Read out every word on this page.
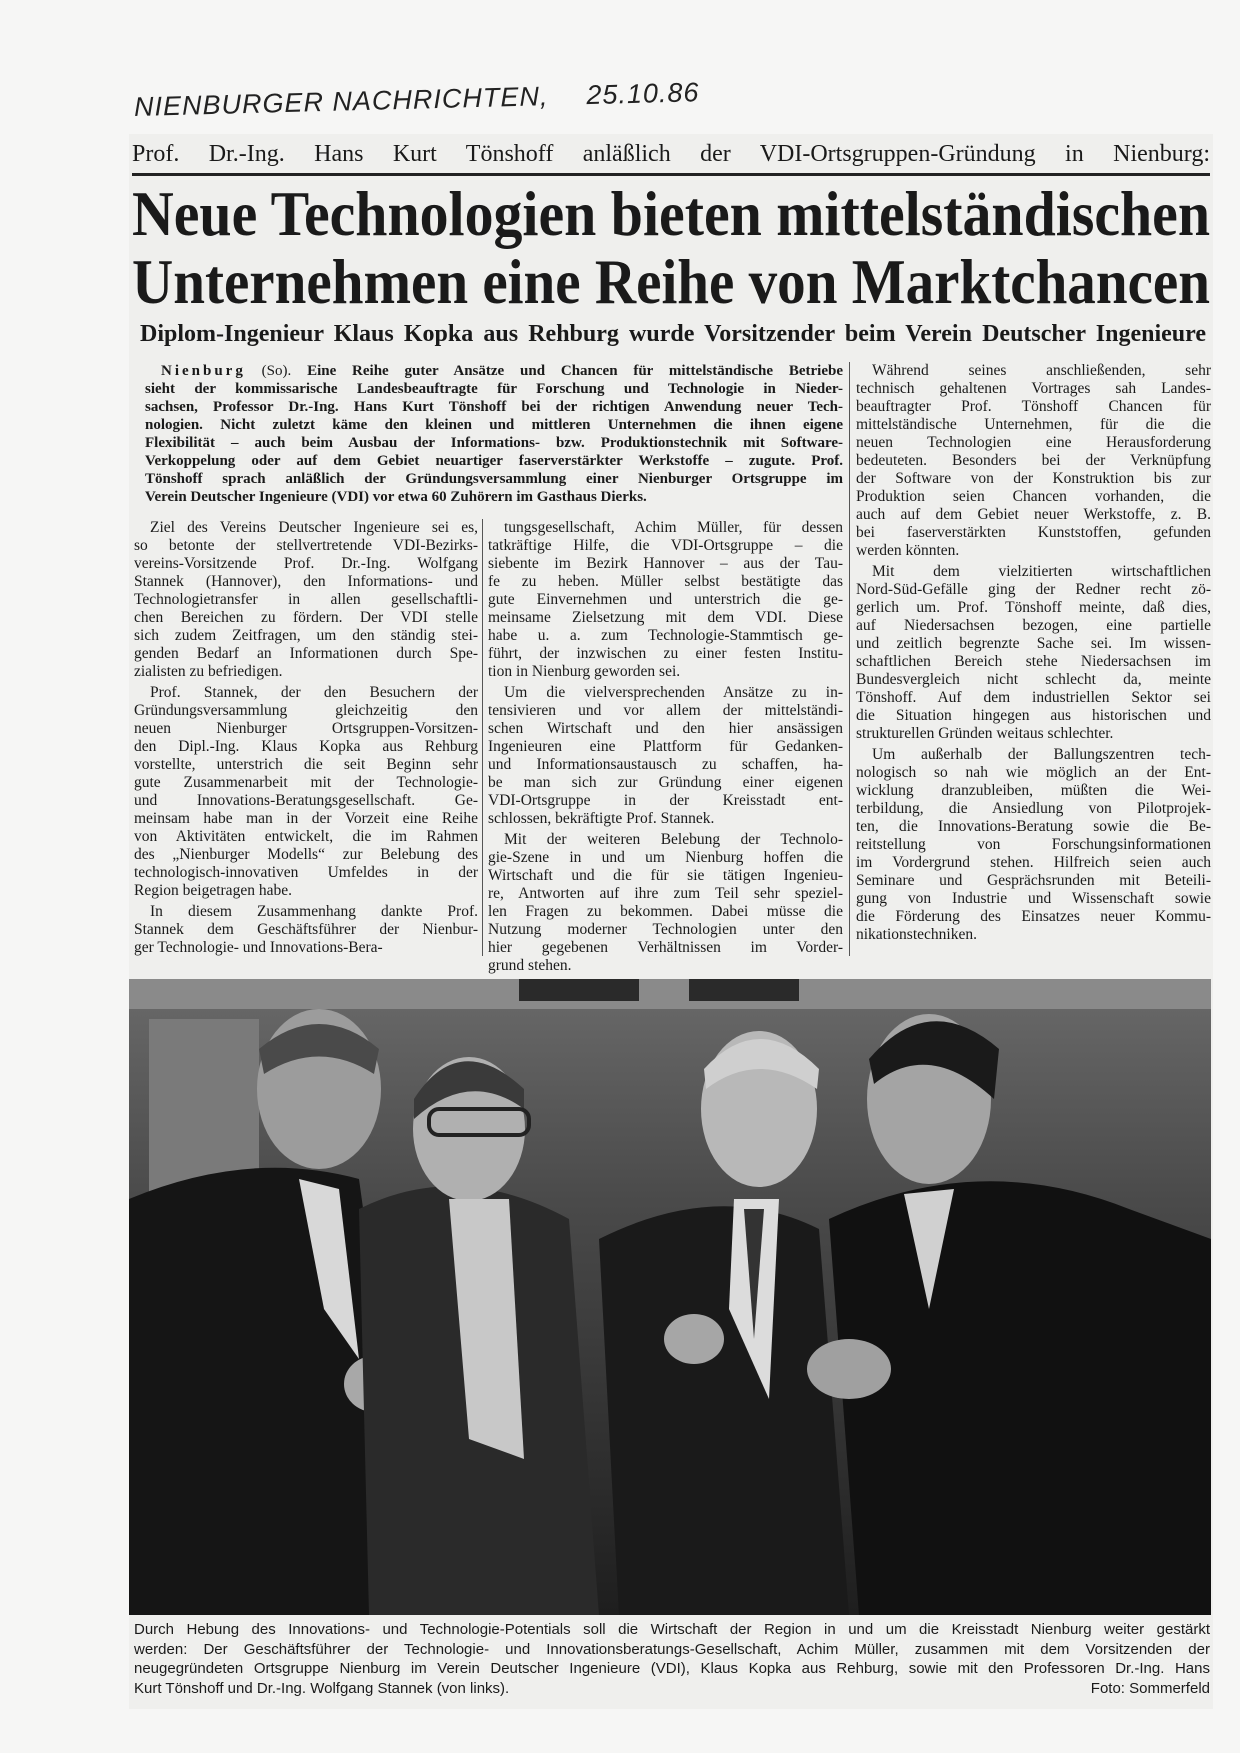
NIENBURGER NACHRICHTEN, 25.10.86
Prof. Dr.-Ing. Hans Kurt Tönshoff anläßlich der VDI-Ortsgruppen-Gründung in Nienburg:
Neue Technologien bieten mittelständischen
Unternehmen eine Reihe von Marktchancen
Diplom-Ingenieur Klaus Kopka aus Rehburg wurde Vorsitzender beim Verein Deutscher Ingenieure
Nienburg (So). Eine Reihe guter Ansätze und Chancen für mittelständische Betriebe
sieht der kommissarische Landesbeauftragte für Forschung und Technologie in Nieder-
sachsen, Professor Dr.-Ing. Hans Kurt Tönshoff bei der richtigen Anwendung neuer Tech-
nologien. Nicht zuletzt käme den kleinen und mittleren Unternehmen die ihnen eigene
Flexibilität – auch beim Ausbau der Informations- bzw. Produktionstechnik mit Software-
Verkoppelung oder auf dem Gebiet neuartiger faserverstärkter Werkstoffe – zugute. Prof.
Tönshoff sprach anläßlich der Gründungsversammlung einer Nienburger Ortsgruppe im
Verein Deutscher Ingenieure (VDI) vor etwa 60 Zuhörern im Gasthaus Dierks.
Ziel des Vereins Deutscher Ingenieure sei es,
so betonte der stellvertretende VDI-Bezirks-
vereins-Vorsitzende Prof. Dr.-Ing. Wolfgang
Stannek (Hannover), den Informations- und
Technologietransfer in allen gesellschaftli-
chen Bereichen zu fördern. Der VDI stelle
sich zudem Zeitfragen, um den ständig stei-
genden Bedarf an Informationen durch Spe-
zialisten zu befriedigen.
Prof. Stannek, der den Besuchern der
Gründungsversammlung gleichzeitig den
neuen Nienburger Ortsgruppen-Vorsitzen-
den Dipl.-Ing. Klaus Kopka aus Rehburg
vorstellte, unterstrich die seit Beginn sehr
gute Zusammenarbeit mit der Technologie-
und Innovations-Beratungsgesellschaft. Ge-
meinsam habe man in der Vorzeit eine Reihe
von Aktivitäten entwickelt, die im Rahmen
des „Nienburger Modells“ zur Belebung des
technologisch-innovativen Umfeldes in der
Region beigetragen habe.
In diesem Zusammenhang dankte Prof.
Stannek dem Geschäftsführer der Nienbur-
ger Technologie- und Innovations-Bera-
tungsgesellschaft, Achim Müller, für dessen
tatkräftige Hilfe, die VDI-Ortsgruppe – die
siebente im Bezirk Hannover – aus der Tau-
fe zu heben. Müller selbst bestätigte das
gute Einvernehmen und unterstrich die ge-
meinsame Zielsetzung mit dem VDI. Diese
habe u. a. zum Technologie-Stammtisch ge-
führt, der inzwischen zu einer festen Institu-
tion in Nienburg geworden sei.
Um die vielversprechenden Ansätze zu in-
tensivieren und vor allem der mittelständi-
schen Wirtschaft und den hier ansässigen
Ingenieuren eine Plattform für Gedanken-
und Informationsaustausch zu schaffen, ha-
be man sich zur Gründung einer eigenen
VDI-Ortsgruppe in der Kreisstadt ent-
schlossen, bekräftigte Prof. Stannek.
Mit der weiteren Belebung der Technolo-
gie-Szene in und um Nienburg hoffen die
Wirtschaft und die für sie tätigen Ingenieu-
re, Antworten auf ihre zum Teil sehr speziel-
len Fragen zu bekommen. Dabei müsse die
Nutzung moderner Technologien unter den
hier gegebenen Verhältnissen im Vorder-
grund stehen.
Während seines anschließenden, sehr
technisch gehaltenen Vortrages sah Landes-
beauftragter Prof. Tönshoff Chancen für
mittelständische Unternehmen, für die die
neuen Technologien eine Herausforderung
bedeuteten. Besonders bei der Verknüpfung
der Software von der Konstruktion bis zur
Produktion seien Chancen vorhanden, die
auch auf dem Gebiet neuer Werkstoffe, z. B.
bei faserverstärkten Kunststoffen, gefunden
werden könnten.
Mit dem vielzitierten wirtschaftlichen
Nord-Süd-Gefälle ging der Redner recht zö-
gerlich um. Prof. Tönshoff meinte, daß dies,
auf Niedersachsen bezogen, eine partielle
und zeitlich begrenzte Sache sei. Im wissen-
schaftlichen Bereich stehe Niedersachsen im
Bundesvergleich nicht schlecht da, meinte
Tönshoff. Auf dem industriellen Sektor sei
die Situation hingegen aus historischen und
strukturellen Gründen weitaus schlechter.
Um außerhalb der Ballungszentren tech-
nologisch so nah wie möglich an der Ent-
wicklung dranzubleiben, müßten die Wei-
terbildung, die Ansiedlung von Pilotprojek-
ten, die Innovations-Beratung sowie die Be-
reitstellung von Forschungsinformationen
im Vordergrund stehen. Hilfreich seien auch
Seminare und Gesprächsrunden mit Beteili-
gung von Industrie und Wissenschaft sowie
die Förderung des Einsatzes neuer Kommu-
nikationstechniken.
Durch Hebung des Innovations- und Technologie-Potentials soll die Wirtschaft der Region in und um die Kreisstadt Nienburg weiter gestärkt
werden: Der Geschäftsführer der Technologie- und Innovationsberatungs-Gesellschaft, Achim Müller, zusammen mit dem Vorsitzenden der
neugegründeten Ortsgruppe Nienburg im Verein Deutscher Ingenieure (VDI), Klaus Kopka aus Rehburg, sowie mit den Professoren Dr.-Ing. Hans
Kurt Tönshoff und Dr.-Ing. Wolfgang Stannek (von links).	Foto: Sommerfeld
